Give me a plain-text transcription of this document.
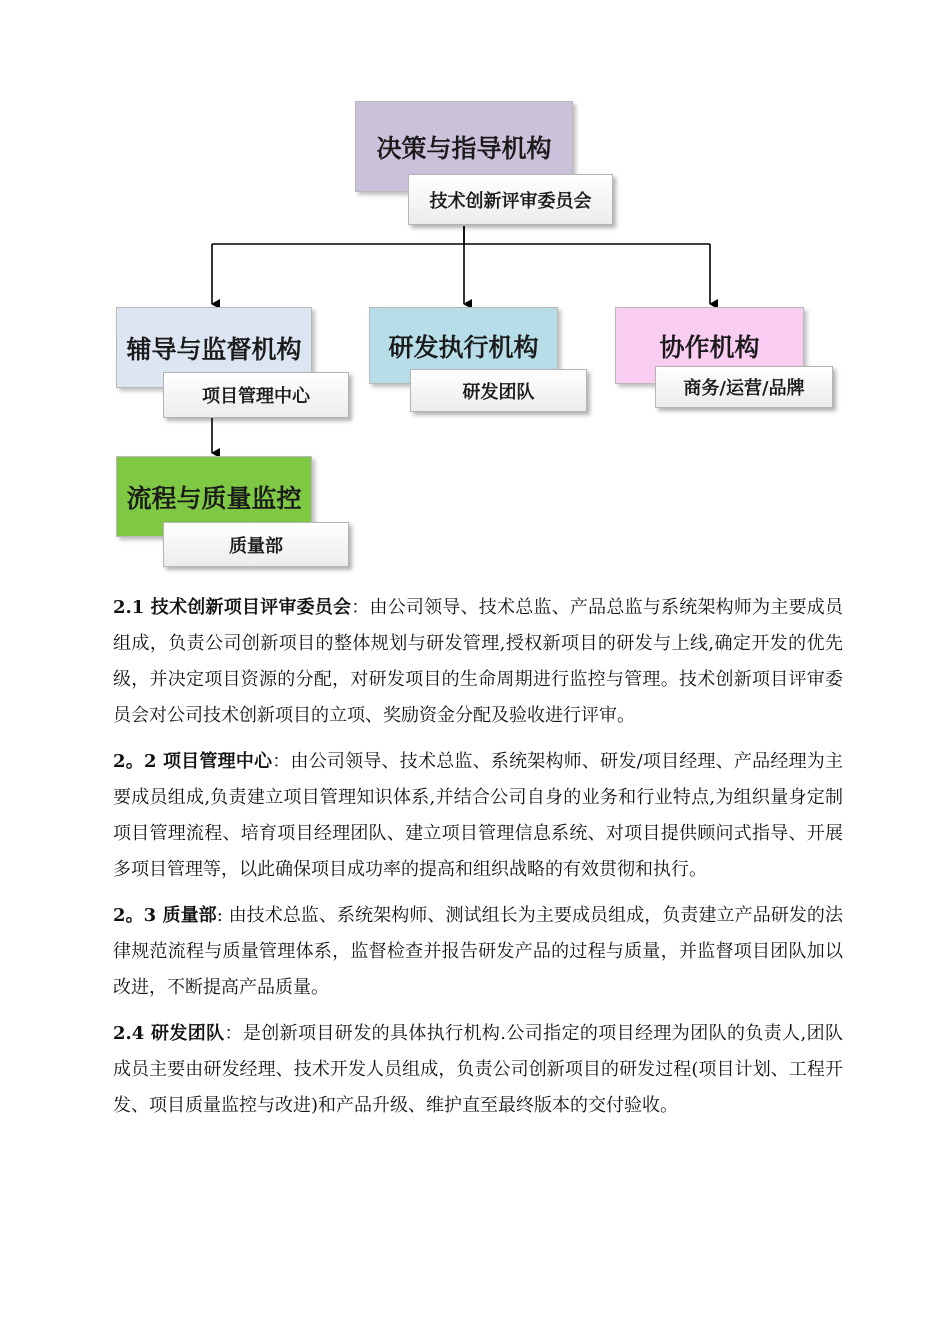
决策与指导机构
技术创新评审委员会
辅导与监督机构
项目管理中心
研发执行机构
研发团队
协作机构
商务/运营/品牌
流程与质量监控
质量部

2.1 技术创新项目评审委员会：由公司领导、技术总监、产品总监与系统架构师为主要成员组成，负责公司创新项目的整体规划与研发管理,授权新项目的研发与上线,确定开发的优先级，并决定项目资源的分配，对研发项目的生命周期进行监控与管理。技术创新项目评审委员会对公司技术创新项目的立项、奖励资金分配及验收进行评审。

2。2 项目管理中心：由公司领导、技术总监、系统架构师、研发/项目经理、产品经理为主要成员组成,负责建立项目管理知识体系,并结合公司自身的业务和行业特点,为组织量身定制项目管理流程、培育项目经理团队、建立项目管理信息系统、对项目提供顾问式指导、开展多项目管理等，以此确保项目成功率的提高和组织战略的有效贯彻和执行。

2。3 质量部: 由技术总监、系统架构师、测试组长为主要成员组成，负责建立产品研发的法律规范流程与质量管理体系，监督检查并报告研发产品的过程与质量，并监督项目团队加以改进，不断提高产品质量。

2.4 研发团队：是创新项目研发的具体执行机构.公司指定的项目经理为团队的负责人,团队成员主要由研发经理、技术开发人员组成，负责公司创新项目的研发过程(项目计划、工程开发、项目质量监控与改进)和产品升级、维护直至最终版本的交付验收。
